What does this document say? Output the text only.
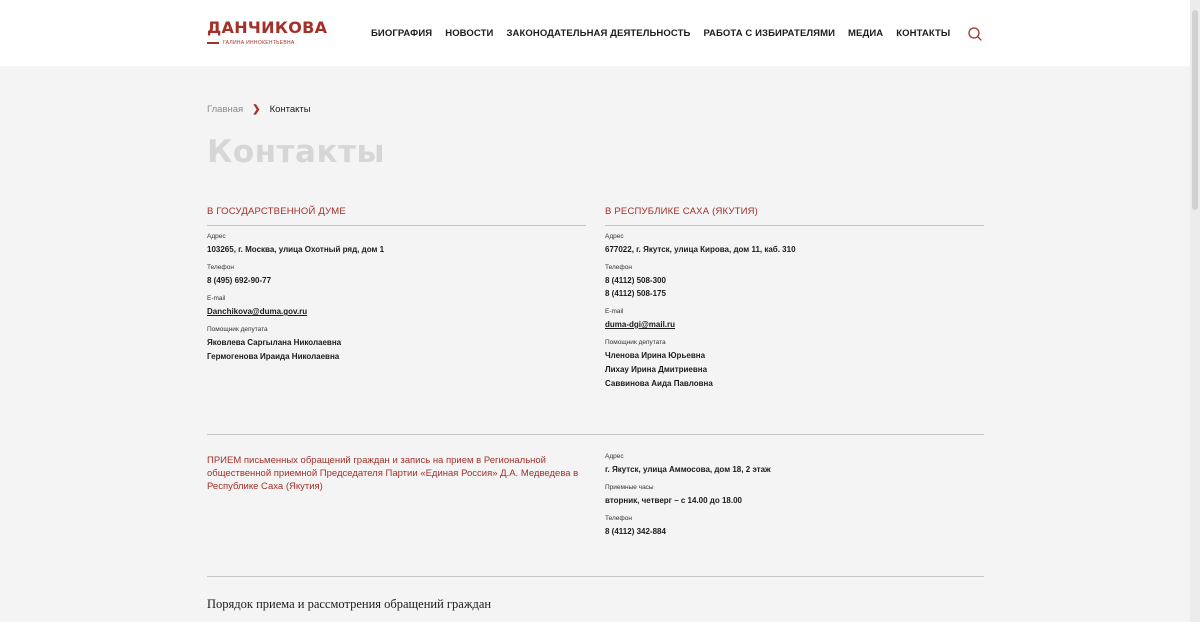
ДАНЧИКОВА
ГАЛИНА ИННОКЕНТЬЕВНА
БИОГРАФИЯ НОВОСТИ ЗАКОНОДАТЕЛЬНАЯ ДЕЯТЕЛЬНОСТЬ РАБОТА С ИЗБИРАТЕЛЯМИ МЕДИА КОНТАКТЫ
Главная ❯ Контакты
Контакты
В ГОСУДАРСТВЕННОЙ ДУМЕ
Адрес
103265, г. Москва, улица Охотный ряд, дом 1
Телефон
8 (495) 692-90-77
E-mail
Danchikova@duma.gov.ru
Помощник депутата
Яковлева Саргылана Николаевна
Гермогенова Ираида Николаевна
В РЕСПУБЛИКЕ САХА (ЯКУТИЯ)
Адрес
677022, г. Якутск, улица Кирова, дом 11, каб. 310
Телефон
8 (4112) 508-300
8 (4112) 508-175
E-mail
duma-dgi@mail.ru
Помощник депутата
Членова Ирина Юрьевна
Лихау Ирина Дмитриевна
Саввинова Аида Павловна
ПРИЕМ письменных обращений граждан и запись на прием в Региональной общественной приемной Председателя Партии «Единая Россия» Д.А. Медведева в Республике Саха (Якутия)
Адрес
г. Якутск, улица Аммосова, дом 18, 2 этаж
Приемные часы
вторник, четверг – с 14.00 до 18.00
Телефон
8 (4112) 342-884
Порядок приема и рассмотрения обращений граждан
